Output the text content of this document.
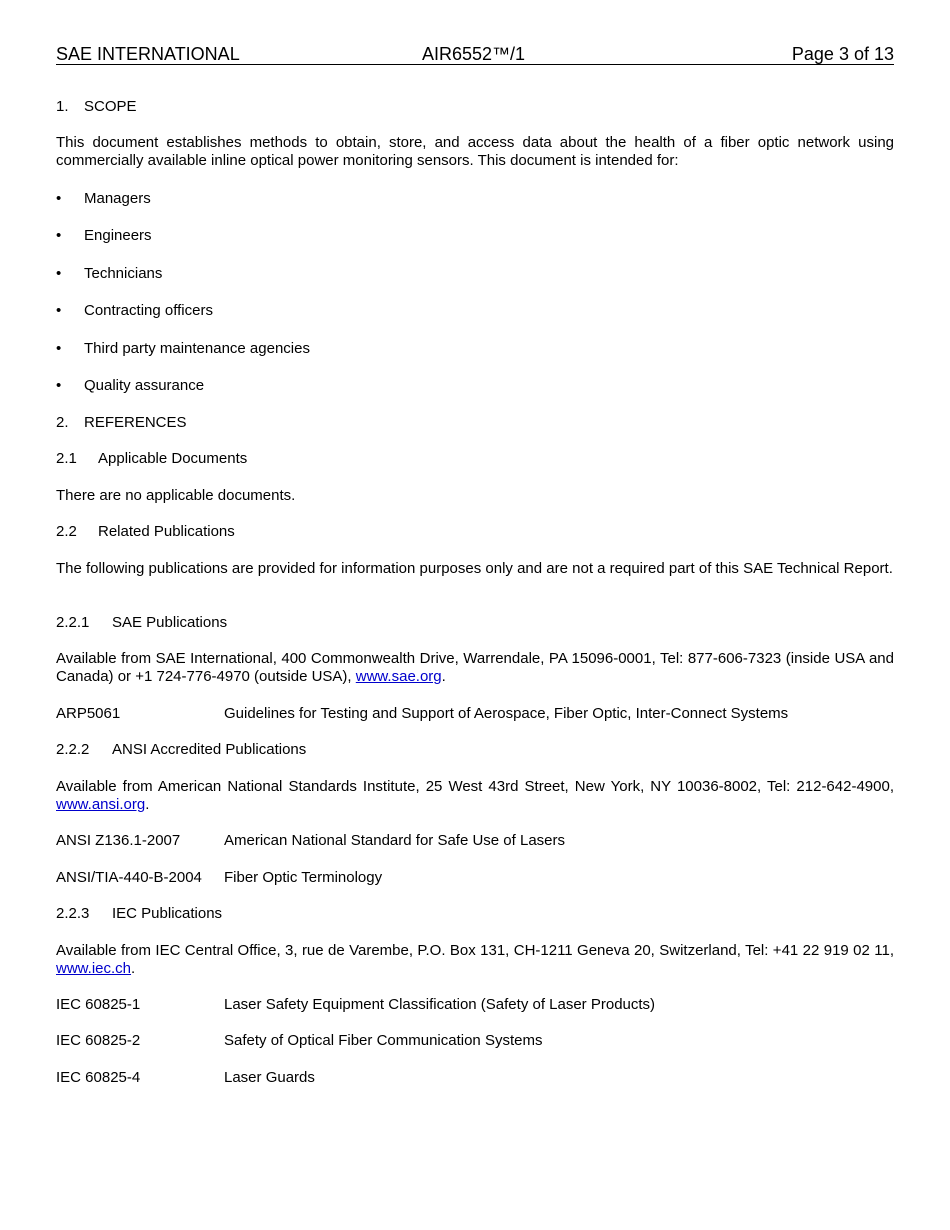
SAE INTERNATIONAL	AIR6552™/1	Page 3 of 13
1. SCOPE

This document establishes methods to obtain, store, and access data about the health of a fiber optic network using commercially available inline optical power monitoring sensors. This document is intended for:

• Managers
• Engineers
• Technicians
• Contracting officers
• Third party maintenance agencies
• Quality assurance
2. REFERENCES
2.1 Applicable Documents

There are no applicable documents.

2.2 Related Publications

The following publications are provided for information purposes only and are not a required part of this SAE Technical Report.

2.2.1 SAE Publications

Available from SAE International, 400 Commonwealth Drive, Warrendale, PA 15096-0001, Tel: 877-606-7323 (inside USA and Canada) or +1 724-776-4970 (outside USA), www.sae.org.

ARP5061	Guidelines for Testing and Support of Aerospace, Fiber Optic, Inter-Connect Systems
2.2.2 ANSI Accredited Publications

Available from American National Standards Institute, 25 West 43rd Street, New York, NY 10036-8002, Tel: 212-642-4900, www.ansi.org.

ANSI Z136.1-2007	American National Standard for Safe Use of Lasers
ANSI/TIA-440-B-2004 Fiber Optic Terminology
2.2.3 IEC Publications

Available from IEC Central Office, 3, rue de Varembe, P.O. Box 131, CH-1211 Geneva 20, Switzerland, Tel: +41 22 919 02 11, www.iec.ch.

IEC 60825-1	Laser Safety Equipment Classification (Safety of Laser Products)
IEC 60825-2	Safety of Optical Fiber Communication Systems
IEC 60825-4	Laser Guards
